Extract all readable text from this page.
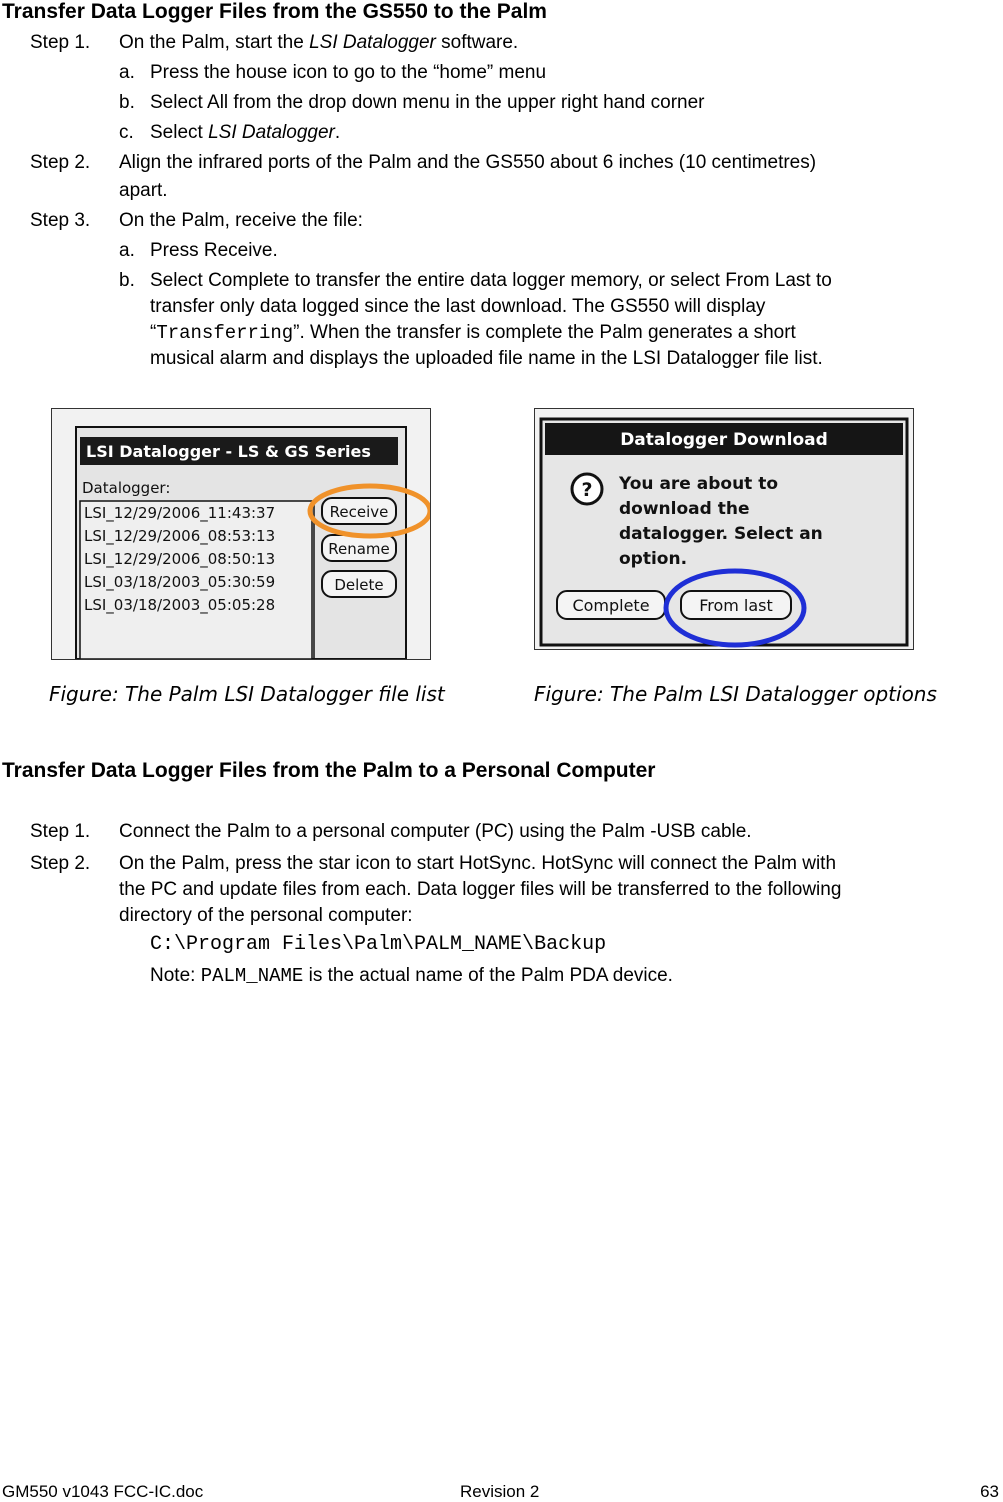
Transfer Data Logger Files from the GS550 to the Palm
Step 1. On the Palm, start the LSI Datalogger software.
a. Press the house icon to go to the “home” menu
b. Select All from the drop down menu in the upper right hand corner
c. Select LSI Datalogger.
Step 2. Align the infrared ports of the Palm and the GS550 about 6 inches (10 centimetres)
apart.
Step 3. On the Palm, receive the file:
a. Press Receive.
b. Select Complete to transfer the entire data logger memory, or select From Last to
transfer only data logged since the last download. The GS550 will display
“Transferring”. When the transfer is complete the Palm generates a short
musical alarm and displays the uploaded file name in the LSI Datalogger file list.
LSI Datalogger - LS & GS Series
Datalogger:
LSI_12/29/2006_11:43:37
LSI_12/29/2006_08:53:13
LSI_12/29/2006_08:50:13
LSI_03/18/2003_05:30:59
LSI_03/18/2003_05:05:28
Receive
Rename
Delete
Datalogger Download
? You are about to
download the
datalogger. Select an
option.
Complete	From last
Figure: The Palm LSI Datalogger file list	Figure: The Palm LSI Datalogger options
Transfer Data Logger Files from the Palm to a Personal Computer
Step 1. Connect the Palm to a personal computer (PC) using the Palm -USB cable.
Step 2. On the Palm, press the star icon to start HotSync. HotSync will connect the Palm with
the PC and update files from each. Data logger files will be transferred to the following
directory of the personal computer:
C:\Program Files\Palm\PALM_NAME\Backup
Note: PALM_NAME is the actual name of the Palm PDA device.
GM550 v1043 FCC-IC.doc	Revision 2	63
